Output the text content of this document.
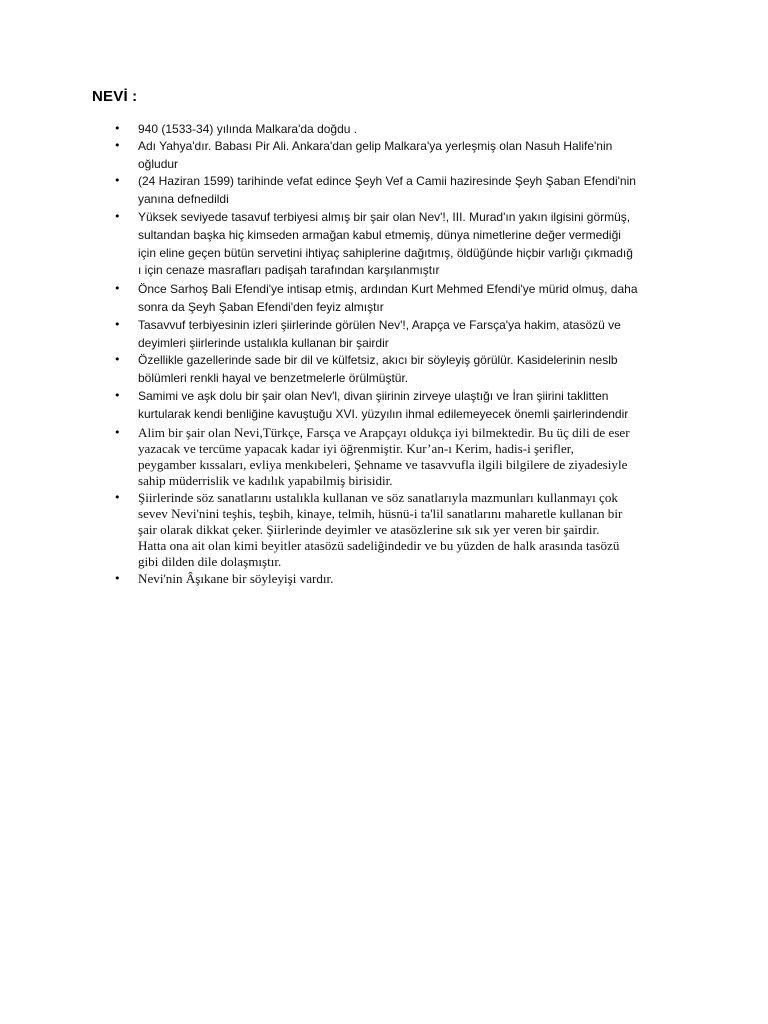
NEVİ :
• 940 (1533-34) yılında Malkara'da doğdu .

• Adı Yahya'dır. Babası Pir Ali. Ankara'dan gelip Malkara'ya yerleşmiş olan Nasuh Halife'nin
oğludur

• (24 Haziran 1599) tarihinde vefat edince Şeyh Vef a Camii haziresinde Şeyh Şaban Efendi'nin
yanına defnedildi

• Yüksek seviyede tasavuf terbiyesi almış bir şair olan Nev'!, III. Murad'ın yakın ilgisini görmüş,
sultandan başka hiç kimseden armağan kabul etmemiş, dünya nimetlerine değer vermediği
için eline geçen bütün servetini ihtiyaç sahiplerine dağıtmış, öldüğünde hiçbir varlığı çıkmadığ
ı için cenaze masrafları padişah tarafından karşılanmıştır

• Önce Sarhoş Bali Efendi'ye intisap etmiş, ardından Kurt Mehmed Efendi'ye mürid olmuş, daha
sonra da Şeyh Şaban Efendi'den feyiz almıştır

• Tasavvuf terbiyesinin izleri şiirlerinde görülen Nev'!, Arapça ve Farsça'ya hakim, atasözü ve
deyimleri şiirlerinde ustalıkla kullanan bir şairdir

• Özellikle gazellerinde sade bir dil ve külfetsiz, akıcı bir söyleyiş görülür. Kasidelerinin neslb
bölümleri renkli hayal ve benzetmelerle örülmüştür.

• Samimi ve aşk dolu bir şair olan Nev'l, divan şiirinin zirveye ulaştığı ve İran şiirini taklitten
kurtularak kendi benliğine kavuştuğu XVI. yüzyılın ihmal edilemeyecek önemli şairlerindendir

• Alim bir şair olan Nevi,Türkçe, Farsça ve Arapçayı oldukça iyi bilmektedir. Bu üç dili de eser
yazacak ve tercüme yapacak kadar iyi öğrenmiştir. Kur’an-ı Kerim, hadis-i şerifler,
peygamber kıssaları, evliya menkıbeleri, Şehname ve tasavvufla ilgili bilgilere de ziyadesiyle
sahip müderrislik ve kadılık yapabilmiş birisidir.

• Şiirlerinde söz sanatlarını ustalıkla kullanan ve söz sanatlarıyla mazmunları kullanmayı çok
sevev Nevi'nini teşhis, teşbih, kinaye, telmih, hüsnü-i ta'lil sanatlarını maharetle kullanan bir
şair olarak dikkat çeker. Şiirlerinde deyimler ve atasözlerine sık sık yer veren bir şairdir.
Hatta ona ait olan kimi beyitler atasözü sadeliğindedir ve bu yüzden de halk arasında tasözü
gibi dilden dile dolaşmıştır.

• Nevi'nin Âşıkane bir söyleyişi vardır.
